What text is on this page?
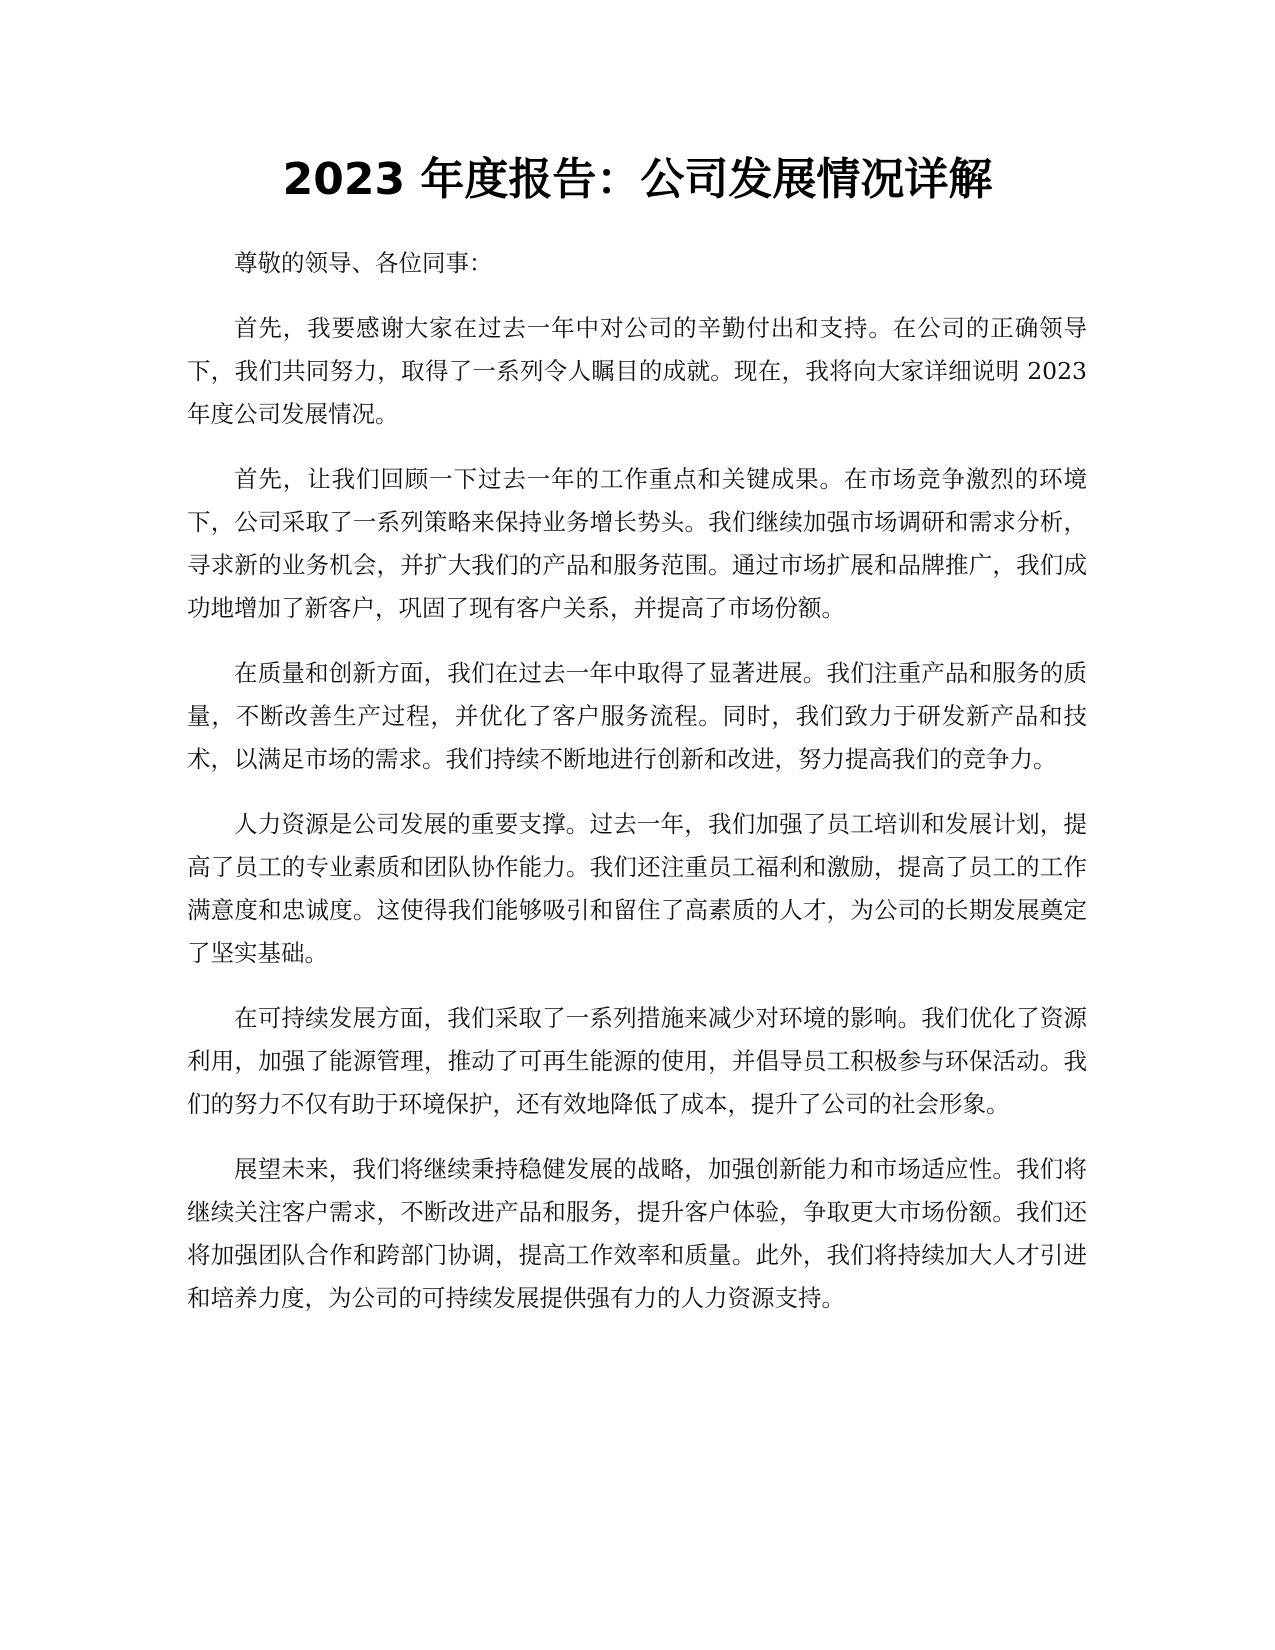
2023 年度报告：公司发展情况详解

尊敬的领导、各位同事：

首先，我要感谢大家在过去一年中对公司的辛勤付出和支持。在公司的正确领导下，我们共同努力，取得了一系列令人瞩目的成就。现在，我将向大家详细说明 2023 年度公司发展情况。

首先，让我们回顾一下过去一年的工作重点和关键成果。在市场竞争激烈的环境下，公司采取了一系列策略来保持业务增长势头。我们继续加强市场调研和需求分析，寻求新的业务机会，并扩大我们的产品和服务范围。通过市场扩展和品牌推广，我们成功地增加了新客户，巩固了现有客户关系，并提高了市场份额。

在质量和创新方面，我们在过去一年中取得了显著进展。我们注重产品和服务的质量，不断改善生产过程，并优化了客户服务流程。同时，我们致力于研发新产品和技术，以满足市场的需求。我们持续不断地进行创新和改进，努力提高我们的竞争力。

人力资源是公司发展的重要支撑。过去一年，我们加强了员工培训和发展计划，提高了员工的专业素质和团队协作能力。我们还注重员工福利和激励，提高了员工的工作满意度和忠诚度。这使得我们能够吸引和留住了高素质的人才，为公司的长期发展奠定了坚实基础。

在可持续发展方面，我们采取了一系列措施来减少对环境的影响。我们优化了资源利用，加强了能源管理，推动了可再生能源的使用，并倡导员工积极参与环保活动。我们的努力不仅有助于环境保护，还有效地降低了成本，提升了公司的社会形象。

展望未来，我们将继续秉持稳健发展的战略，加强创新能力和市场适应性。我们将继续关注客户需求，不断改进产品和服务，提升客户体验，争取更大市场份额。我们还将加强团队合作和跨部门协调，提高工作效率和质量。此外，我们将持续加大人才引进和培养力度，为公司的可持续发展提供强有力的人力资源支持。
